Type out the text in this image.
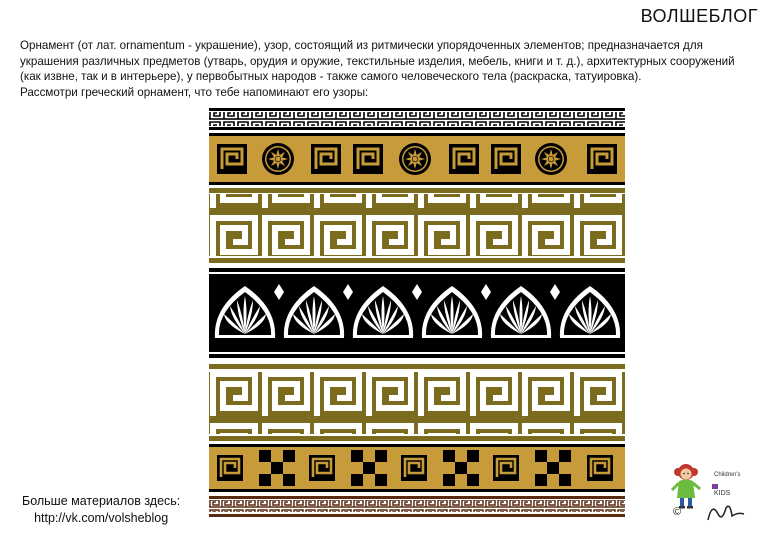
ВОЛШЕБЛОГ

Орнамент (от лат. ornamentum - украшение), узор, состоящий из ритмически упорядоченных элементов; предназначается для

украшения различных предметов (утварь, орудия и оружие, текстильные изделия, мебель, книги и т. д.), архитектурных сооружений

(как извне, так и в интерьере), у первобытных народов - также самого человеческого тела (раскраска, татуировка).

Рассмотри греческий орнамент, что тебе напоминают его узоры:

Больше материалов здесь:
http://vk.com/volsheblog
Children's
KIDS
©
